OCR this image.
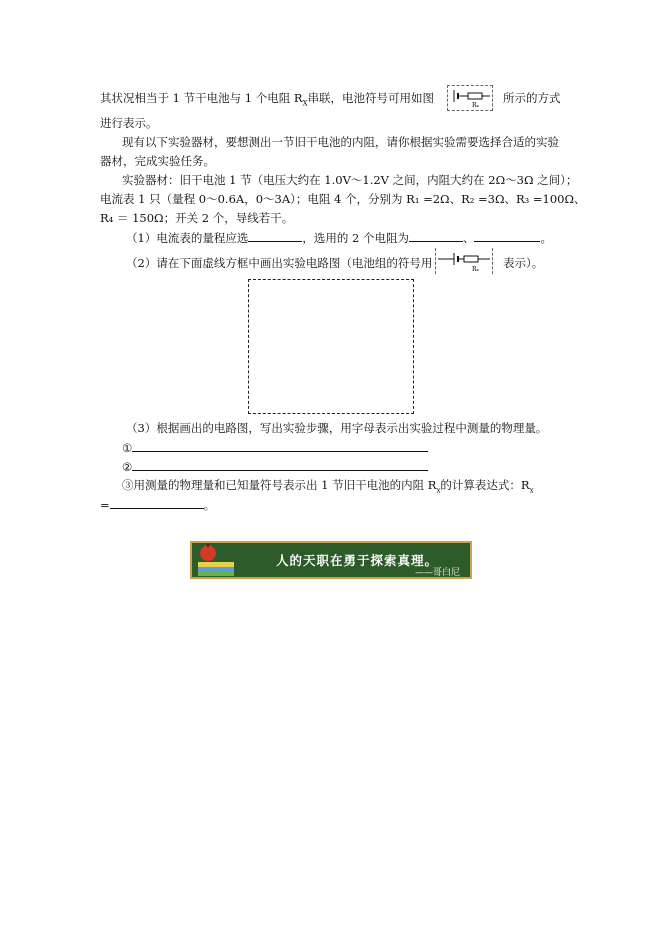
其状况相当于 1 节干电池与 1 个电阻 $R_X$串联，电池符号可用如图
Rₓ
所示的方式
进行表示。
现有以下实验器材，要想测出一节旧干电池的内阻，请你根据实验需要选择合适的实验
器材，完成实验任务。
实验器材：旧干电池 1 节（电压大约在 1.0V～1.2V 之间，内阻大约在 2Ω～3Ω 之间）；
电流表 1 只（量程 0～0.6A，0～3A）；电阻 4 个，分别为 R₁ =2Ω、R₂ =3Ω、R₃ =100Ω、
R₄ ＝ 150Ω；开关 2 个，导线若干。
（1）电流表的量程应选	，选用的 2 个电阻为	、	。
（2）请在下面虚线方框中画出实验电路图（电池组的符号用	Rₓ 表示）。
（3）根据画出的电路图，写出实验步骤，用字母表示出实验过程中测量的物理量。
①
②
③用测量的物理量和已知量符号表示出 1 节旧干电池的内阻 $R_x$的计算表达式：$R_x$
=	。
人的天职在勇于探索真理。
——哥白尼
